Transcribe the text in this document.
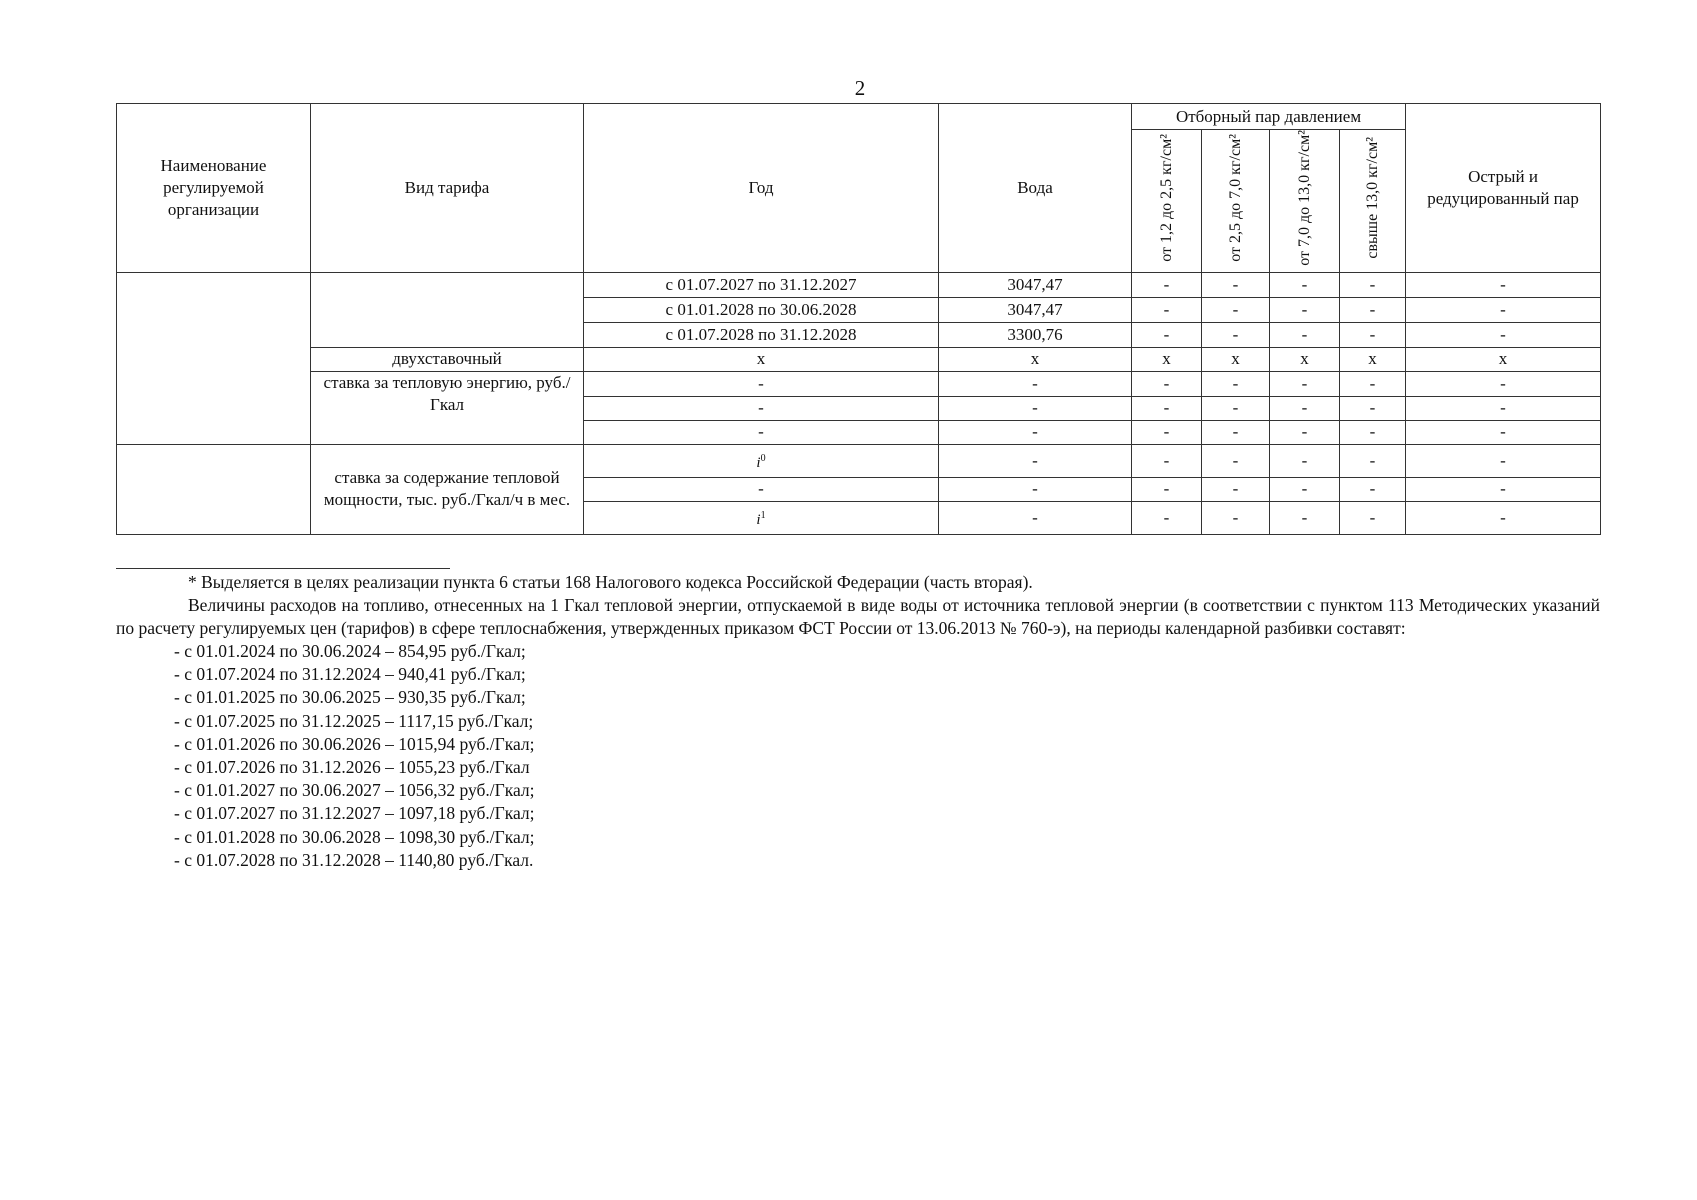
2
Наименование регулируемой организации	Вид тарифа	Год	Вода	Отборный пар давлением				Острый и редуцированный пар
				от 1,2 до 2,5 кг/см²	от 2,5 до 7,0 кг/см²	от 7,0 до 13,0 кг/см²	свыше 13,0 кг/см²	
		с 01.07.2027 по 31.12.2027	3047,47	-	-	-	-	-
		с 01.01.2028 по 30.06.2028	3047,47	-	-	-	-	-
		с 01.07.2028 по 31.12.2028	3300,76	-	-	-	-	-
	двухставочный	х	х	х	х	х	х	х
	ставка за тепловую энергию, руб./Гкал	-	-	-	-	-	-	-
		-	-	-	-	-	-	-
		-	-	-	-	-	-	-
	ставка за содержание тепловой мощности, тыс. руб./Гкал/ч в мес.	$i^0$	-	-	-	-	-	-
		-	-	-	-	-	-	-
		$i^1$	-	-	-	-	-	-

* Выделяется в целях реализации пункта 6 статьи 168 Налогового кодекса Российской Федерации (часть вторая).

Величины расходов на топливо, отнесенных на 1 Гкал тепловой энергии, отпускаемой в виде воды от источника тепловой энергии (в соответствии с пунктом 113 Методических указаний по расчету регулируемых цен (тарифов) в сфере теплоснабжения, утвержденных приказом ФСТ России от 13.06.2013 № 760-э), на периоды календарной разбивки составят:

- с 01.01.2024 по 30.06.2024 – 854,95 руб./Гкал;
- с 01.07.2024 по 31.12.2024 – 940,41 руб./Гкал;
- с 01.01.2025 по 30.06.2025 – 930,35 руб./Гкал;
- с 01.07.2025 по 31.12.2025 – 1117,15 руб./Гкал;
- с 01.01.2026 по 30.06.2026 – 1015,94 руб./Гкал;
- с 01.07.2026 по 31.12.2026 – 1055,23 руб./Гкал
- с 01.01.2027 по 30.06.2027 – 1056,32 руб./Гкал;
- с 01.07.2027 по 31.12.2027 – 1097,18 руб./Гкал;
- с 01.01.2028 по 30.06.2028 – 1098,30 руб./Гкал;
- с 01.07.2028 по 31.12.2028 – 1140,80 руб./Гкал.
